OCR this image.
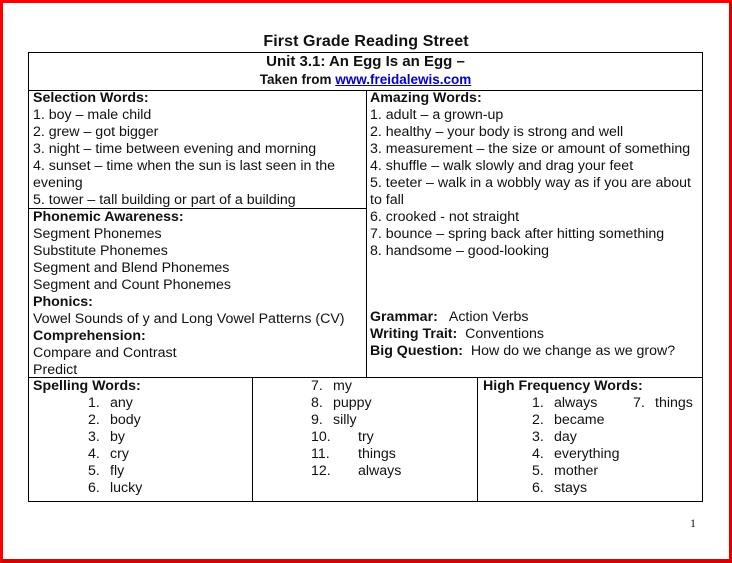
First Grade Reading Street
Unit 3.1: An Egg Is an Egg –
Taken from www.freidalewis.com
Selection Words:
1. boy – male child
2. grew – got bigger
3. night – time between evening and morning
4. sunset – time when the sun is last seen in the evening
5. tower – tall building or part of a building
Phonemic Awareness:
Segment Phonemes
Substitute Phonemes
Segment and Blend Phonemes
Segment and Count Phonemes
Phonics:
Vowel Sounds of y and Long Vowel Patterns (CV)
Comprehension:
Compare and Contrast
Predict
Amazing Words:
1. adult – a grown-up
2. healthy – your body is strong and well
3. measurement – the size or amount of something
4. shuffle – walk slowly and drag your feet
5. teeter – walk in a wobbly way as if you are about to fall
6. crooked - not straight
7. bounce – spring back after hitting something
8. handsome – good-looking
Grammar: Action Verbs
Writing Trait: Conventions
Big Question: How do we change as we grow?
Spelling Words:
1. any
2. body
3. by
4. cry
5. fly
6. lucky
7. my
8. puppy
9. silly
10. try
11. things
12. always
High Frequency Words:
1. always
2. became
3. day
4. everything
5. mother
6. stays
7. things
1
